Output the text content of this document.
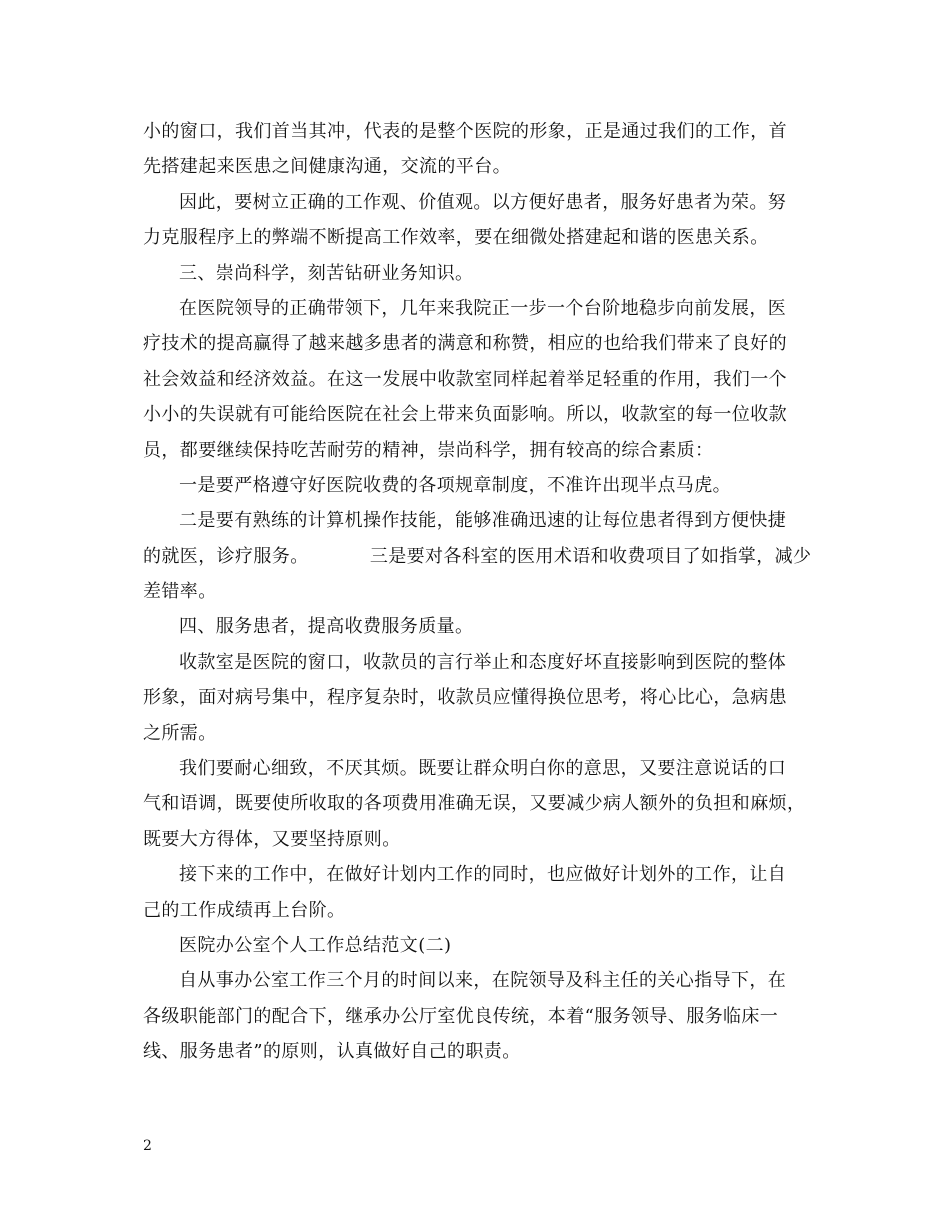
小的窗口，我们首当其冲，代表的是整个医院的形象，正是通过我们的工作，首
先搭建起来医患之间健康沟通，交流的平台。
因此，要树立正确的工作观、价值观。以方便好患者，服务好患者为荣。努
力克服程序上的弊端不断提高工作效率，要在细微处搭建起和谐的医患关系。
三、崇尚科学，刻苦钻研业务知识。
在医院领导的正确带领下，几年来我院正一步一个台阶地稳步向前发展，医
疗技术的提高赢得了越来越多患者的满意和称赞，相应的也给我们带来了良好的
社会效益和经济效益。在这一发展中收款室同样起着举足轻重的作用，我们一个
小小的失误就有可能给医院在社会上带来负面影响。所以，收款室的每一位收款
员，都要继续保持吃苦耐劳的精神，崇尚科学，拥有较高的综合素质：
一是要严格遵守好医院收费的各项规章制度，不准许出现半点马虎。
二是要有熟练的计算机操作技能，能够准确迅速的让每位患者得到方便快捷
的就医，诊疗服务。          三是要对各科室的医用术语和收费项目了如指掌，减少
差错率。
四、服务患者，提高收费服务质量。
收款室是医院的窗口，收款员的言行举止和态度好坏直接影响到医院的整体
形象，面对病号集中，程序复杂时，收款员应懂得换位思考，将心比心，急病患
之所需。
我们要耐心细致，不厌其烦。既要让群众明白你的意思，又要注意说话的口
气和语调，既要使所收取的各项费用准确无误，又要减少病人额外的负担和麻烦，
既要大方得体，又要坚持原则。
接下来的工作中，在做好计划内工作的同时，也应做好计划外的工作，让自
己的工作成绩再上台阶。
医院办公室个人工作总结范文(二)
自从事办公室工作三个月的时间以来，在院领导及科主任的关心指导下，在
各级职能部门的配合下，继承办公厅室优良传统，本着“服务领导、服务临床一
线、服务患者”的原则，认真做好自己的职责。
2
